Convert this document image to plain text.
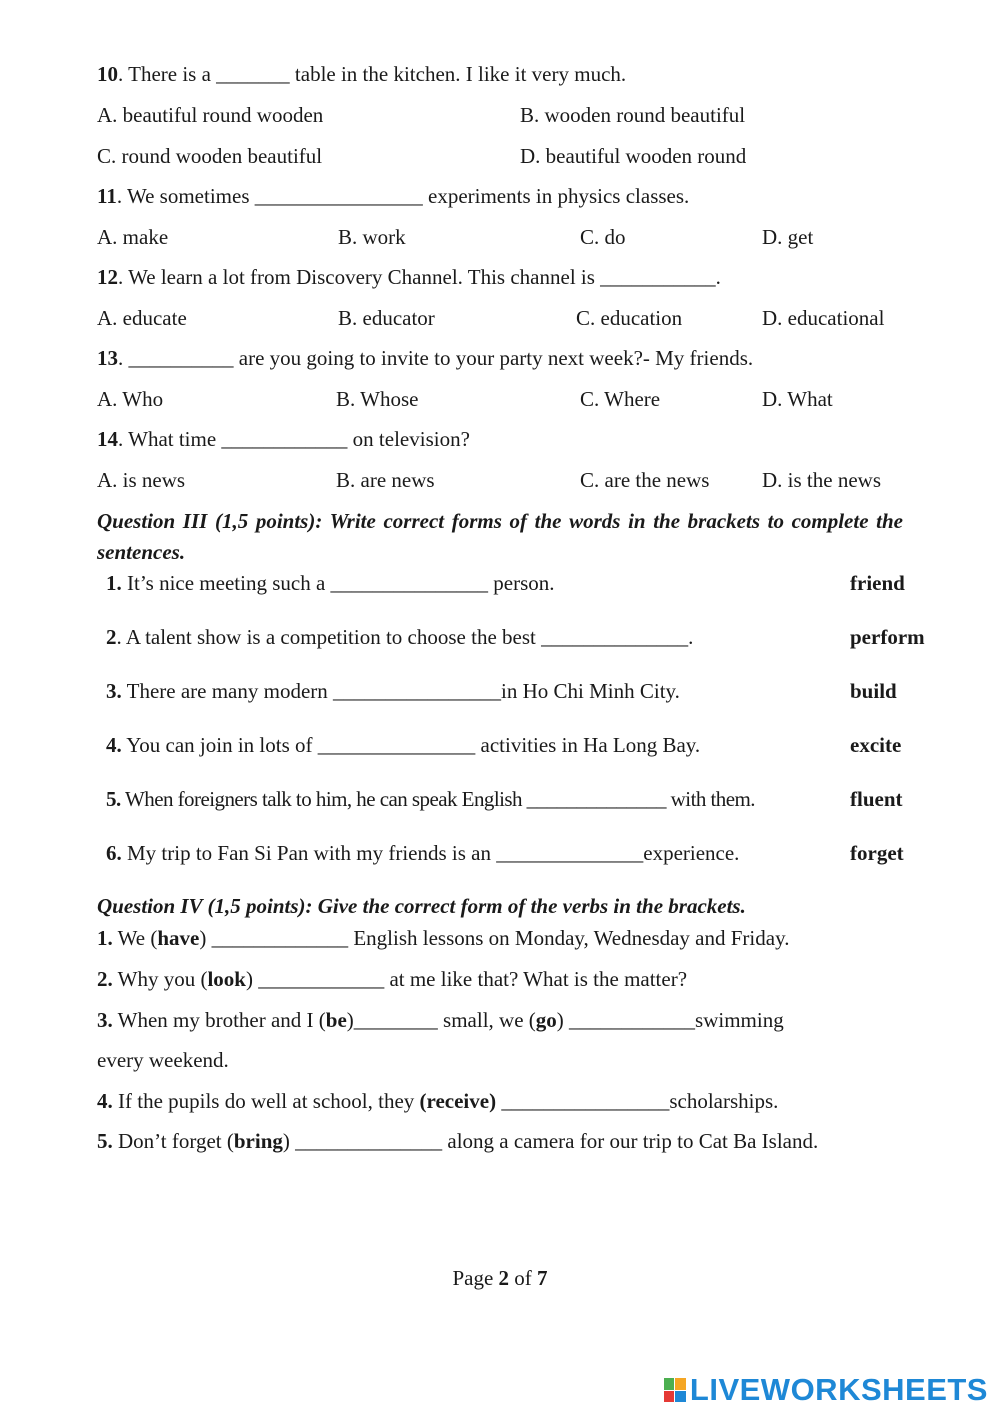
10. There is a _______ table in the kitchen. I like it very much.
A. beautiful round wooden	B. wooden round beautiful
C. round wooden beautiful	D. beautiful wooden round
11. We sometimes ________________ experiments in physics classes.
A. make	B. work	C. do	D. get
12. We learn a lot from Discovery Channel. This channel is ___________.
A. educate	B. educator	C. education	D. educational
13. __________ are you going to invite to your party next week?- My friends.
A. Who	B. Whose	C. Where	D. What
14. What time ____________ on television?
A. is news	B. are news	C. are the news	D. is the news
Question III (1,5 points): Write correct forms of the words in the brackets to complete the sentences.
1. It’s nice meeting such a _______________ person.	friend
2. A talent show is a competition to choose the best ______________.	perform
3. There are many modern ________________in Ho Chi Minh City.	build
4. You can join in lots of _______________ activities in Ha Long Bay.	excite
5. When foreigners talk to him, he can speak English ______________ with them.	fluent
6. My trip to Fan Si Pan with my friends is an ______________experience.	forget
Question IV (1,5 points): Give the correct form of the verbs in the brackets.
1. We (have) _____________ English lessons on Monday, Wednesday and Friday.
2. Why you (look) ____________ at me like that? What is the matter?
3. When my brother and I (be)________ small, we (go) ____________swimming
every weekend.
4. If the pupils do well at school, they (receive) ________________scholarships.
5. Don’t forget (bring) ______________ along a camera for our trip to Cat Ba Island.
Page 2 of 7
LIVEWORKSHEETS
